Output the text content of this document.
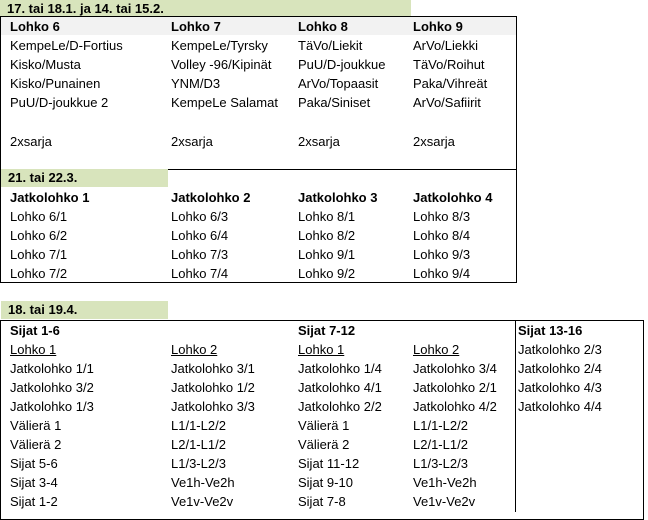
17. tai 18.1. ja 14. tai 15.2.
Lohko 6
KempeLe/D-Fortius
Kisko/Musta
Kisko/Punainen
PuU/D-joukkue 2
2xsarja
Lohko 7
KempeLe/Tyrsky
Volley -96/Kipinät
YNM/D3
KempeLe Salamat
2xsarja
Lohko 8
TäVo/Liekit
PuU/D-joukkue
ArVo/Topaasit
Paka/Siniset
2xsarja
Lohko 9
ArVo/Liekki
TäVo/Roihut
Paka/Vihreät
ArVo/Safiirit
2xsarja
21. tai 22.3.
Jatkolohko 1
Lohko 6/1
Lohko 6/2
Lohko 7/1
Lohko 7/2
Jatkolohko 2
Lohko 6/3
Lohko 6/4
Lohko 7/3
Lohko 7/4
Jatkolohko 3
Lohko 8/1
Lohko 8/2
Lohko 9/1
Lohko 9/2
Jatkolohko 4
Lohko 8/3
Lohko 8/4
Lohko 9/3
Lohko 9/4
18. tai 19.4.
Sijat 1-6
Lohko 1
Jatkolohko 1/1
Jatkolohko 3/2
Jatkolohko 1/3
Välierä 1
Välierä 2
Sijat 5-6
Sijat 3-4
Sijat 1-2
Lohko 2
Jatkolohko 3/1
Jatkolohko 1/2
Jatkolohko 3/3
L1/1-L2/2
L2/1-L1/2
L1/3-L2/3
Ve1h-Ve2h
Ve1v-Ve2v
Sijat 7-12
Lohko 1
Jatkolohko 1/4
Jatkolohko 4/1
Jatkolohko 2/2
Välierä 1
Välierä 2
Sijat 11-12
Sijat 9-10
Sijat 7-8
Lohko 2
Jatkolohko 3/4
Jatkolohko 2/1
Jatkolohko 4/2
L1/1-L2/2
L2/1-L1/2
L1/3-L2/3
Ve1h-Ve2h
Ve1v-Ve2v
Sijat 13-16
Jatkolohko 2/3
Jatkolohko 2/4
Jatkolohko 4/3
Jatkolohko 4/4
